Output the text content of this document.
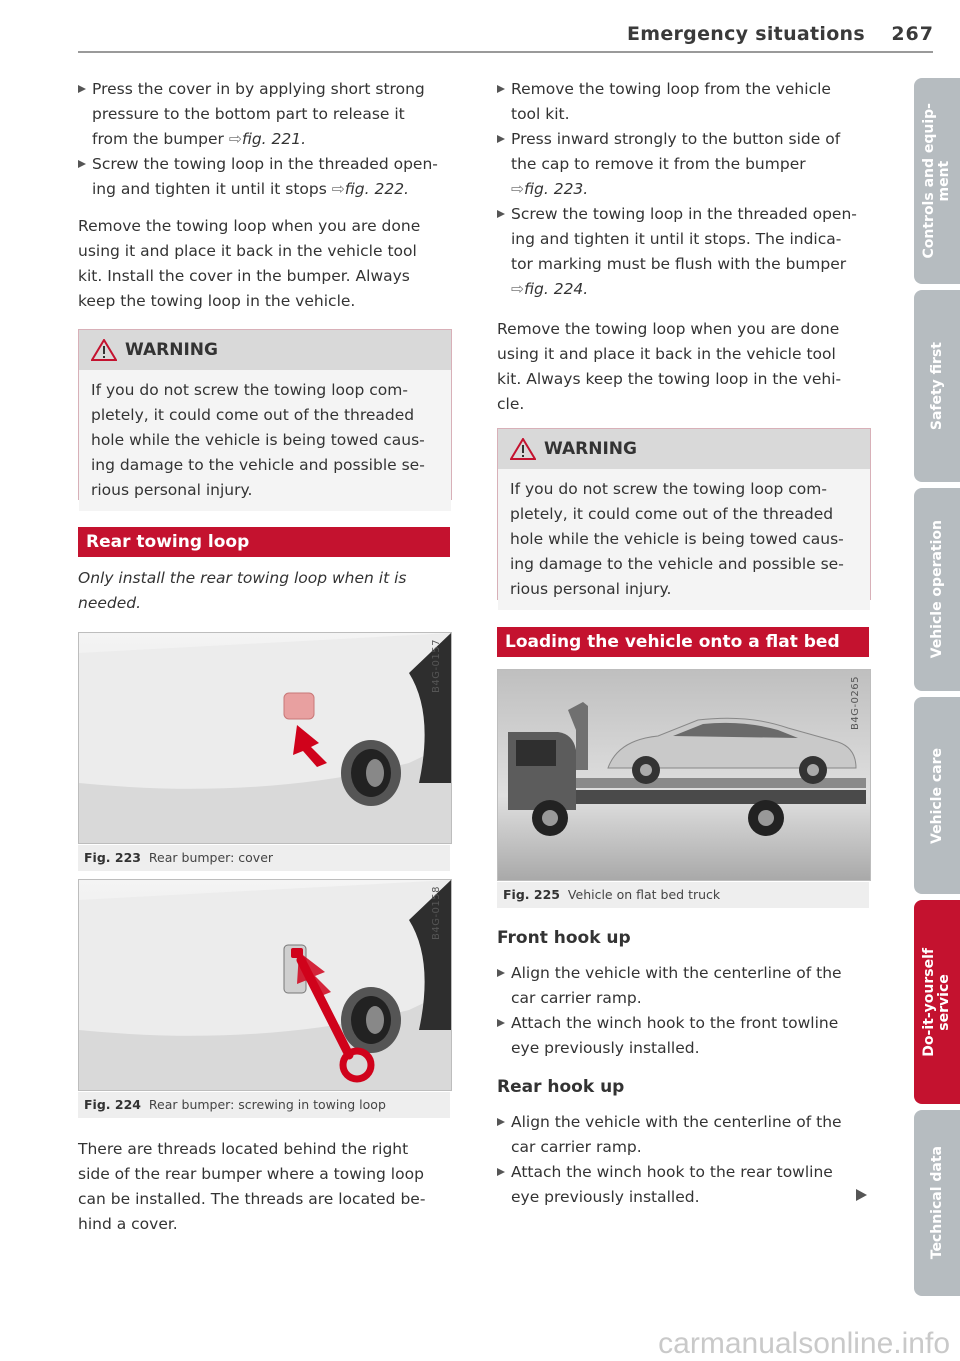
Emergency situations 267

Press the cover in by applying short strong
pressure to the bottom part to release it
from the bumper ⇨fig. 221.

Screw the towing loop in the threaded open-
ing and tighten it until it stops ⇨fig. 222.

Remove the towing loop when you are done
using it and place it back in the vehicle tool
kit. Install the cover in the bumper. Always
keep the towing loop in the vehicle.

WARNING
If you do not screw the towing loop com-
pletely, it could come out of the threaded
hole while the vehicle is being towed caus-
ing damage to the vehicle and possible se-
rious personal injury.
Rear towing loop
Only install the rear towing loop when it is
needed.
B4G-0157
Fig. 223 Rear bumper: cover
B4G-0158
Fig. 224 Rear bumper: screwing in towing loop
There are threads located behind the right
side of the rear bumper where a towing loop
can be installed. The threads are located be-
hind a cover.

Remove the towing loop from the vehicle
tool kit.

Press inward strongly to the button side of
the cap to remove it from the bumper
⇨fig. 223.

Screw the towing loop in the threaded open-
ing and tighten it until it stops. The indica-
tor marking must be flush with the bumper
⇨fig. 224.

Remove the towing loop when you are done
using it and place it back in the vehicle tool
kit. Always keep the towing loop in the vehi-
cle.

WARNING
If you do not screw the towing loop com-
pletely, it could come out of the threaded
hole while the vehicle is being towed caus-
ing damage to the vehicle and possible se-
rious personal injury.
Loading the vehicle onto a flat bed
B4G-0265
Fig. 225 Vehicle on flat bed truck
Front hook up

Align the vehicle with the centerline of the
car carrier ramp.

Attach the winch hook to the front towline
eye previously installed.

Rear hook up

Align the vehicle with the centerline of the
car carrier ramp.

Attach the winch hook to the rear towline
eye previously installed.

Controls and equip-
ment
Safety first
Vehicle operation
Vehicle care
Do-it-yourself
service
Technical data
carmanualsonline.info
